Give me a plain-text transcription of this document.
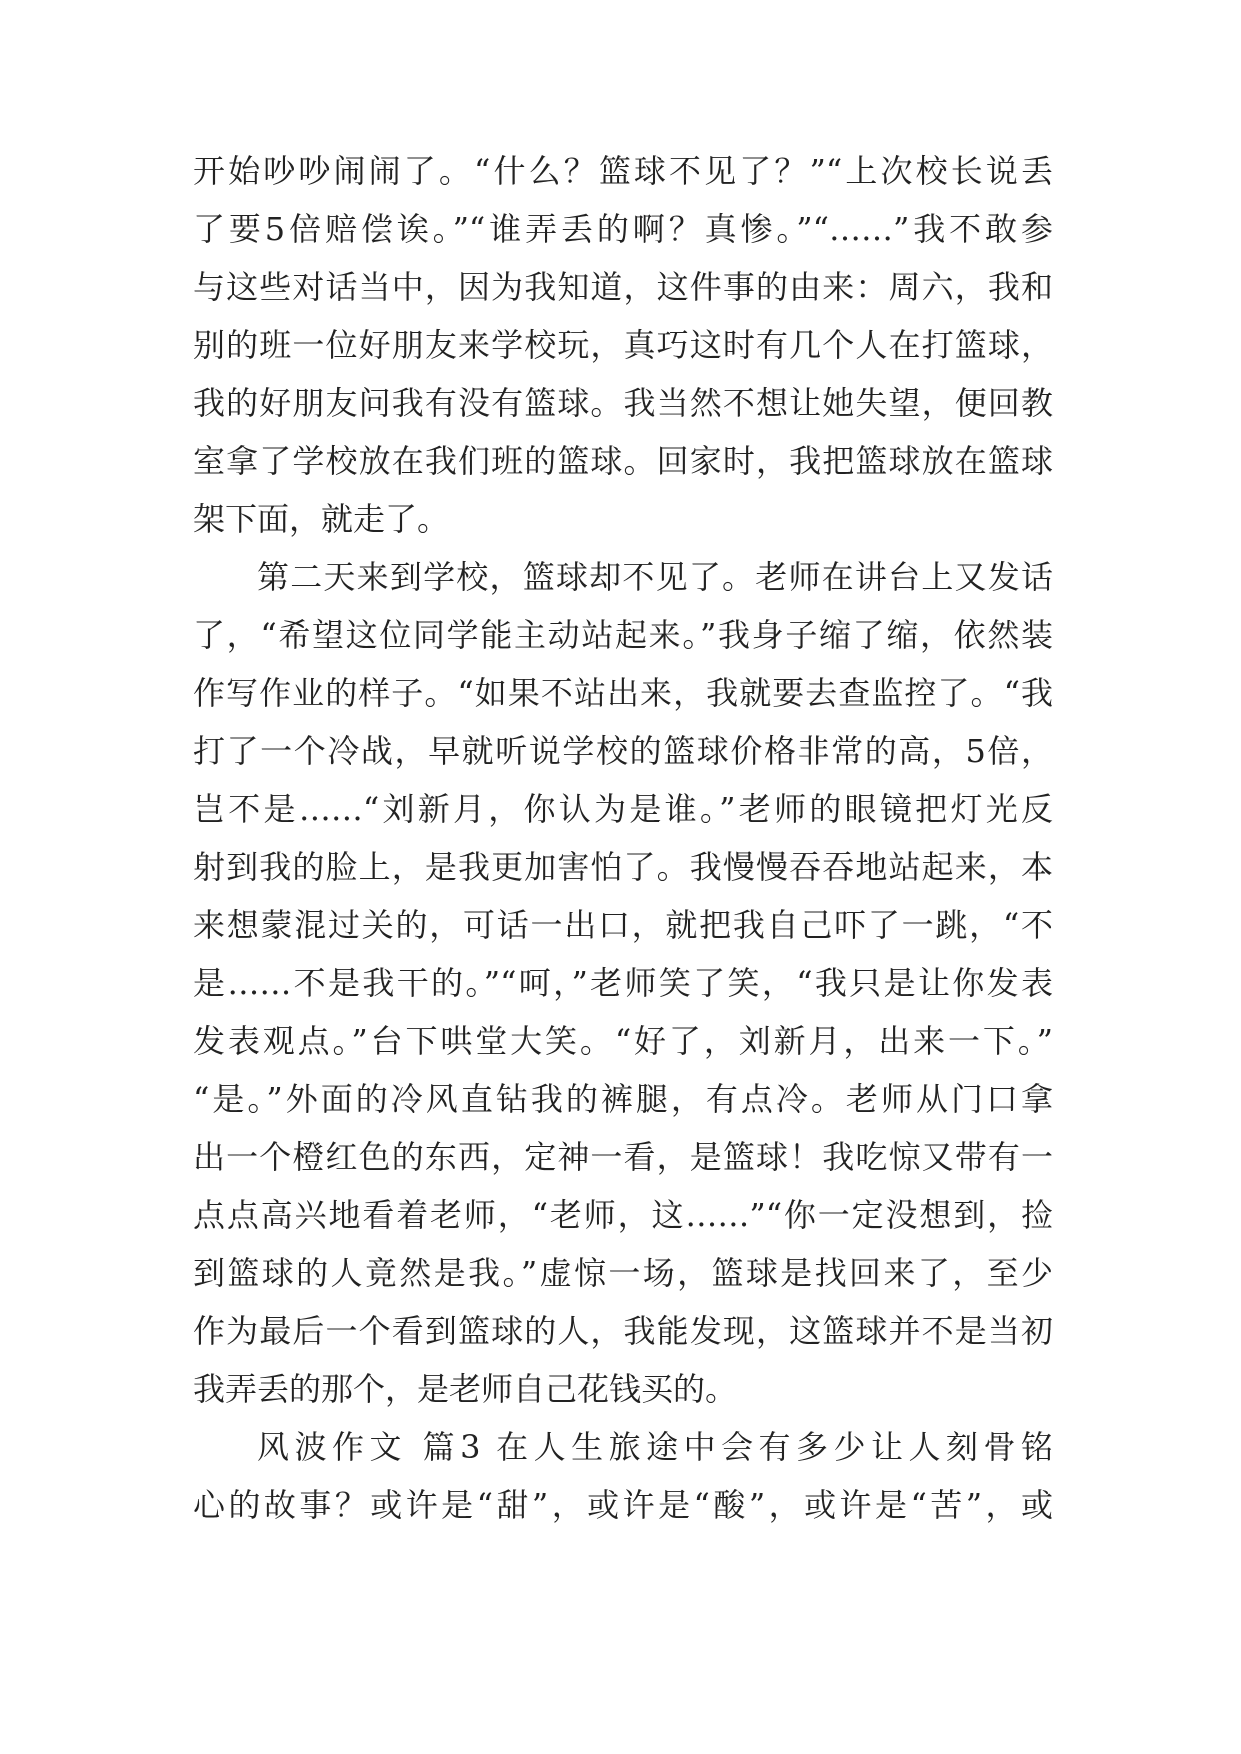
开始吵吵闹闹了。“什么？篮球不见了？”“上次校长说丢
了要5倍赔偿诶。”“谁弄丢的啊？真惨。”“……”我不敢参
与这些对话当中，因为我知道，这件事的由来：周六，我和
别的班一位好朋友来学校玩，真巧这时有几个人在打篮球，
我的好朋友问我有没有篮球。我当然不想让她失望，便回教
室拿了学校放在我们班的篮球。回家时，我把篮球放在篮球
架下面，就走了。
第二天来到学校，篮球却不见了。老师在讲台上又发话
了，“希望这位同学能主动站起来。”我身子缩了缩，依然装
作写作业的样子。“如果不站出来，我就要去查监控了。“我
打了一个冷战，早就听说学校的篮球价格非常的高，5倍，
岂不是……“刘新月，你认为是谁。”老师的眼镜把灯光反
射到我的脸上，是我更加害怕了。我慢慢吞吞地站起来，本
来想蒙混过关的，可话一出口，就把我自己吓了一跳，“不
是……不是我干的。”“呵，”老师笑了笑，“我只是让你发表
发表观点。”台下哄堂大笑。“好了，刘新月，出来一下。”
“是。”外面的冷风直钻我的裤腿，有点冷。老师从门口拿
出一个橙红色的东西，定神一看，是篮球！我吃惊又带有一
点点高兴地看着老师，“老师，这……”“你一定没想到，捡
到篮球的人竟然是我。”虚惊一场，篮球是找回来了，至少
作为最后一个看到篮球的人，我能发现，这篮球并不是当初
我弄丢的那个，是老师自己花钱买的。
风波作文 篇3 在人生旅途中会有多少让人刻骨铭
心的故事？或许是“甜”，或许是“酸”，或许是“苦”，或
